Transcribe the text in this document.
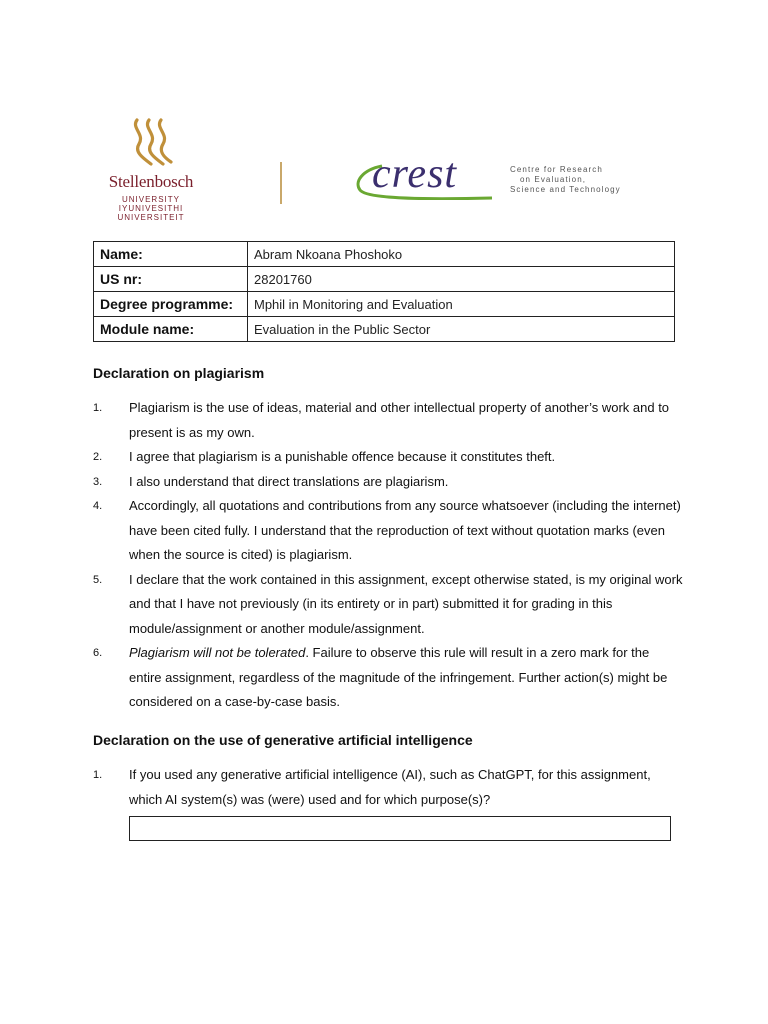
Stellenbosch
UNIVERSITY
IYUNIVESITHI
UNIVERSITEIT
crest	Centre for Research
on Evaluation,
Science and Technology
Name:	Abram Nkoana Phoshoko
US nr:	28201760
Degree programme:	Mphil in Monitoring and Evaluation
Module name:	Evaluation in the Public Sector
Declaration on plagiarism
1. Plagiarism is the use of ideas, material and other intellectual property of another’s work and to present is as my own.
2. I agree that plagiarism is a punishable offence because it constitutes theft.
3. I also understand that direct translations are plagiarism.
4. Accordingly, all quotations and contributions from any source whatsoever (including the internet) have been cited fully. I understand that the reproduction of text without quotation marks (even when the source is cited) is plagiarism.
5. I declare that the work contained in this assignment, except otherwise stated, is my original work and that I have not previously (in its entirety or in part) submitted it for grading in this module/assignment or another module/assignment.
6. Plagiarism will not be tolerated. Failure to observe this rule will result in a zero mark for the entire assignment, regardless of the magnitude of the infringement. Further action(s) might be considered on a case-by-case basis.
Declaration on the use of generative artificial intelligence
1. If you used any generative artificial intelligence (AI), such as ChatGPT, for this assignment, which AI system(s) was (were) used and for which purpose(s)?
